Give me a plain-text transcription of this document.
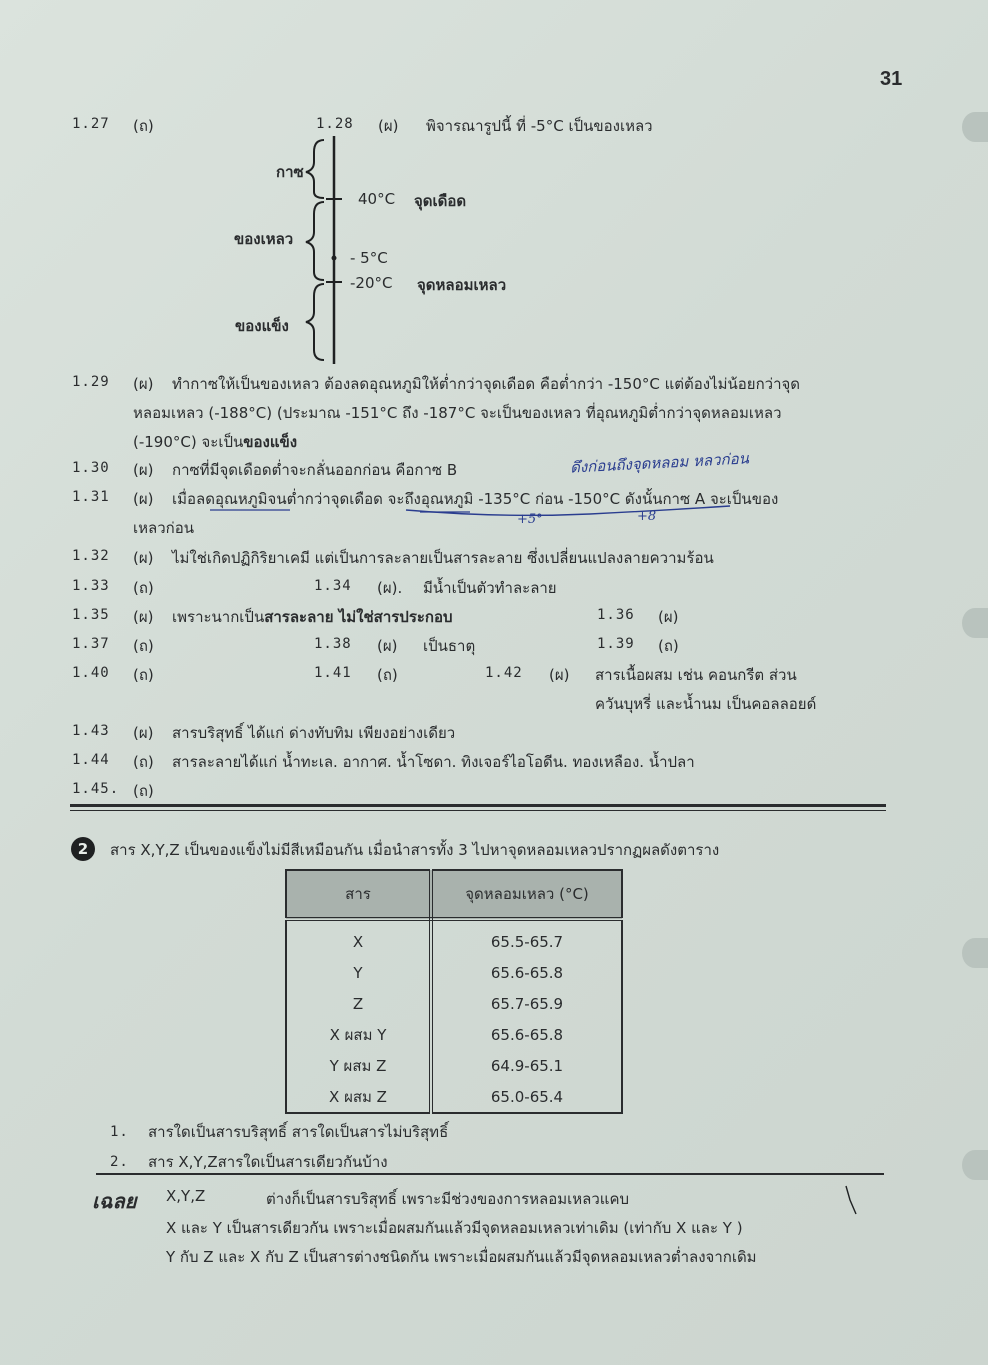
31
1.27 (ถ)	1.28 (ผ) พิจารณารูปนี้ ที่ -5°C เป็นของเหลว
กาซ
ของเหลว
ของแข็ง
40°C จุดเดือด
- 5°C
-20°C จุดหลอมเหลว
1.29 (ผ) ทำกาซให้เป็นของเหลว ต้องลดอุณหภูมิให้ต่ำกว่าจุดเดือด คือต่ำกว่า -150°C แต่ต้องไม่น้อยกว่าจุด
หลอมเหลว (-188°C) (ประมาณ -151°C ถึง -187°C จะเป็นของเหลว ที่อุณหภูมิต่ำกว่าจุดหลอมเหลว
(-190°C) จะเป็นของแข็ง
1.30 (ผ) กาซที่มีจุดเดือดต่ำจะกลั่นออกก่อน คือกาซ B	ดึงก่อนถึงจุดหลอม หลวก่อน
1.31 (ผ) เมื่อลดอุณหภูมิจนต่ำกว่าจุดเดือด จะถึงอุณหภูมิ -135°C ก่อน -150°C ดังนั้นกาซ A จะเป็นของ
เหลวก่อน	+5°	+8
1.32 (ผ) ไม่ใช่เกิดปฏิกิริยาเคมี แต่เป็นการละลายเป็นสารละลาย ซึ่งเปลี่ยนแปลงลายความร้อน
1.33 (ถ)	1.34 (ผ). มีน้ำเป็นตัวทำละลาย
1.35 (ผ) เพราะนากเป็นสารละลาย ไม่ใช่สารประกอบ	1.36 (ผ)
1.37 (ถ)	1.38 (ผ) เป็นธาตุ	1.39 (ถ)
1.40 (ถ)	1.41 (ถ)	1.42 (ผ) สารเนื้อผสม เช่น คอนกรีต ส่วน
ควันบุหรี่ และน้ำนม เป็นคอลลอยด์
1.43 (ผ) สารบริสุทธิ์ ได้แก่ ด่างทับทิม เพียงอย่างเดียว
1.44 (ถ) สารละลายได้แก่ น้ำทะเล. อากาศ. น้ำโซดา. ทิงเจอร์ไอโอดีน. ทองเหลือง. น้ำปลา
1.45. (ถ)
2	สาร X,Y,Z เป็นของแข็งไม่มีสีเหมือนกัน เมื่อนำสารทั้ง 3 ไปหาจุดหลอมเหลวปรากฏผลดังตาราง
สาร	จุดหลอมเหลว (°C)
X	65.5-65.7
Y	65.6-65.8
Z	65.7-65.9
X ผสม Y	65.6-65.8
Y ผสม Z	64.9-65.1
X ผสม Z	65.0-65.4
1. สารใดเป็นสารบริสุทธิ์ สารใดเป็นสารไม่บริสุทธิ์
2. สาร X,Y,Zสารใดเป็นสารเดียวกันบ้าง
เฉลย X,Y,Z	ต่างก็เป็นสารบริสุทธิ์ เพราะมีช่วงของการหลอมเหลวแคบ
X และ Y เป็นสารเดียวกัน เพราะเมื่อผสมกันแล้วมีจุดหลอมเหลวเท่าเดิม (เท่ากับ X และ Y )
Y กับ Z และ X กับ Z เป็นสารต่างชนิดกัน เพราะเมื่อผสมกันแล้วมีจุดหลอมเหลวต่ำลงจากเดิม
